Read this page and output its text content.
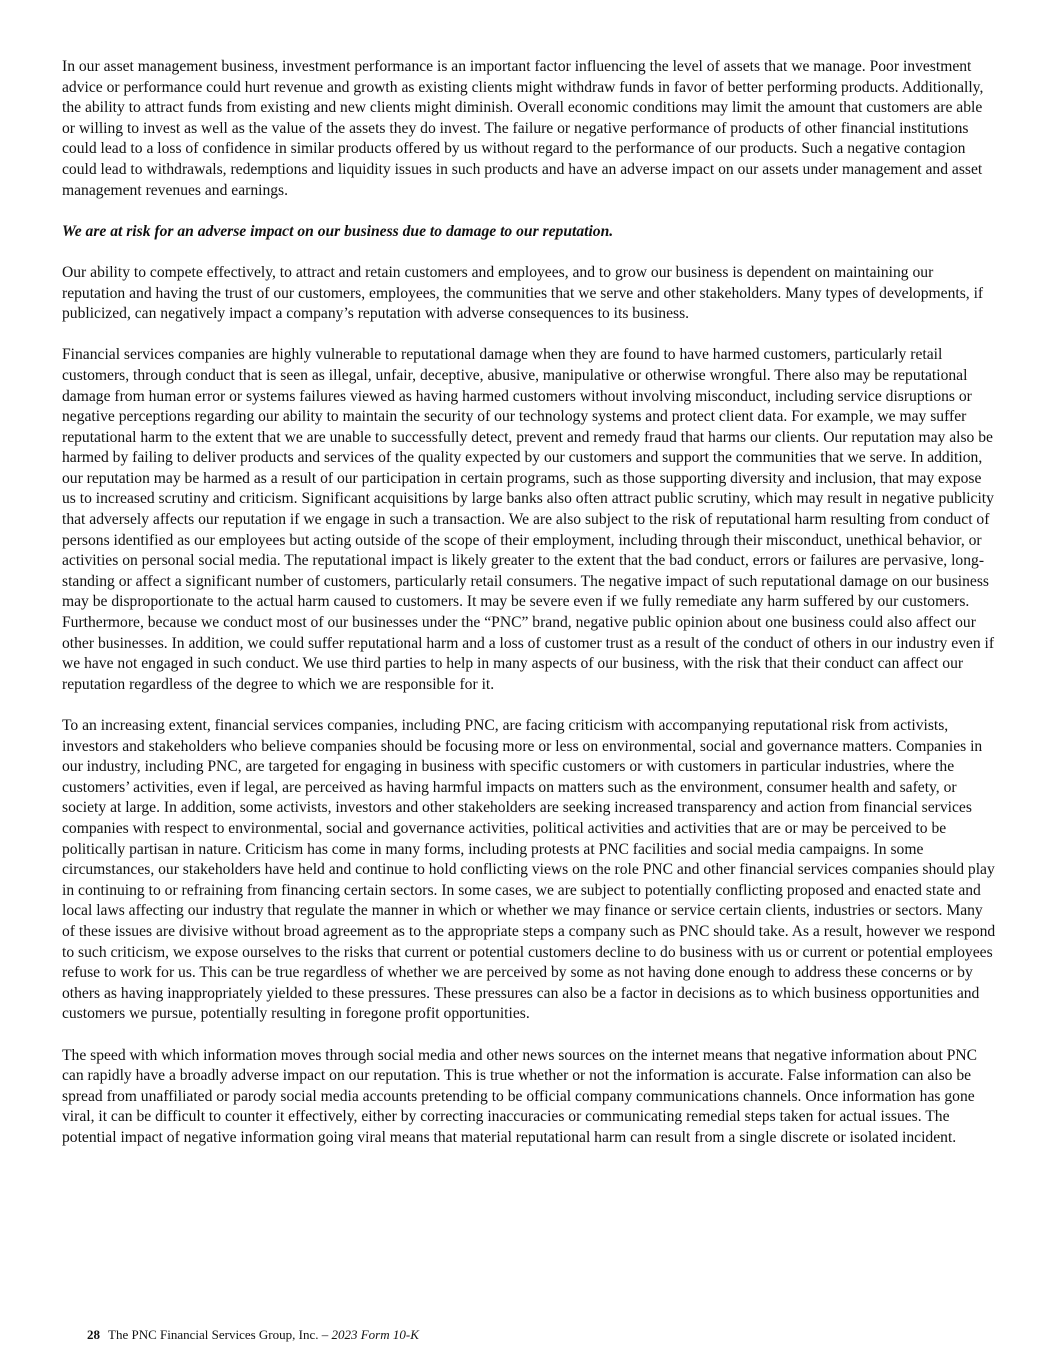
In our asset management business, investment performance is an important factor influencing the level of assets that we manage. Poor investment advice or performance could hurt revenue and growth as existing clients might withdraw funds in favor of better performing products. Additionally, the ability to attract funds from existing and new clients might diminish. Overall economic conditions may limit the amount that customers are able or willing to invest as well as the value of the assets they do invest. The failure or negative performance of products of other financial institutions could lead to a loss of confidence in similar products offered by us without regard to the performance of our products. Such a negative contagion could lead to withdrawals, redemptions and liquidity issues in such products and have an adverse impact on our assets under management and asset management revenues and earnings.

We are at risk for an adverse impact on our business due to damage to our reputation.

Our ability to compete effectively, to attract and retain customers and employees, and to grow our business is dependent on maintaining our reputation and having the trust of our customers, employees, the communities that we serve and other stakeholders. Many types of developments, if publicized, can negatively impact a company’s reputation with adverse consequences to its business.

Financial services companies are highly vulnerable to reputational damage when they are found to have harmed customers, particularly retail customers, through conduct that is seen as illegal, unfair, deceptive, abusive, manipulative or otherwise wrongful. There also may be reputational damage from human error or systems failures viewed as having harmed customers without involving misconduct, including service disruptions or negative perceptions regarding our ability to maintain the security of our technology systems and protect client data. For example, we may suffer reputational harm to the extent that we are unable to successfully detect, prevent and remedy fraud that harms our clients. Our reputation may also be harmed by failing to deliver products and services of the quality expected by our customers and support the communities that we serve. In addition, our reputation may be harmed as a result of our participation in certain programs, such as those supporting diversity and inclusion, that may expose us to increased scrutiny and criticism. Significant acquisitions by large banks also often attract public scrutiny, which may result in negative publicity that adversely affects our reputation if we engage in such a transaction. We are also subject to the risk of reputational harm resulting from conduct of persons identified as our employees but acting outside of the scope of their employment, including through their misconduct, unethical behavior, or activities on personal social media. The reputational impact is likely greater to the extent that the bad conduct, errors or failures are pervasive, long-standing or affect a significant number of customers, particularly retail consumers. The negative impact of such reputational damage on our business may be disproportionate to the actual harm caused to customers. It may be severe even if we fully remediate any harm suffered by our customers. Furthermore, because we conduct most of our businesses under the “PNC” brand, negative public opinion about one business could also affect our other businesses. In addition, we could suffer reputational harm and a loss of customer trust as a result of the conduct of others in our industry even if we have not engaged in such conduct. We use third parties to help in many aspects of our business, with the risk that their conduct can affect our reputation regardless of the degree to which we are responsible for it.

To an increasing extent, financial services companies, including PNC, are facing criticism with accompanying reputational risk from activists, investors and stakeholders who believe companies should be focusing more or less on environmental, social and governance matters. Companies in our industry, including PNC, are targeted for engaging in business with specific customers or with customers in particular industries, where the customers’ activities, even if legal, are perceived as having harmful impacts on matters such as the environment, consumer health and safety, or society at large. In addition, some activists, investors and other stakeholders are seeking increased transparency and action from financial services companies with respect to environmental, social and governance activities, political activities and activities that are or may be perceived to be politically partisan in nature. Criticism has come in many forms, including protests at PNC facilities and social media campaigns. In some circumstances, our stakeholders have held and continue to hold conflicting views on the role PNC and other financial services companies should play in continuing to or refraining from financing certain sectors. In some cases, we are subject to potentially conflicting proposed and enacted state and local laws affecting our industry that regulate the manner in which or whether we may finance or service certain clients, industries or sectors. Many of these issues are divisive without broad agreement as to the appropriate steps a company such as PNC should take. As a result, however we respond to such criticism, we expose ourselves to the risks that current or potential customers decline to do business with us or current or potential employees refuse to work for us. This can be true regardless of whether we are perceived by some as not having done enough to address these concerns or by others as having inappropriately yielded to these pressures. These pressures can also be a factor in decisions as to which business opportunities and customers we pursue, potentially resulting in foregone profit opportunities.

The speed with which information moves through social media and other news sources on the internet means that negative information about PNC can rapidly have a broadly adverse impact on our reputation. This is true whether or not the information is accurate. False information can also be spread from unaffiliated or parody social media accounts pretending to be official company communications channels. Once information has gone viral, it can be difficult to counter it effectively, either by correcting inaccuracies or communicating remedial steps taken for actual issues. The potential impact of negative information going viral means that material reputational harm can result from a single discrete or isolated incident.

28 The PNC Financial Services Group, Inc. – 2023 Form 10-K
